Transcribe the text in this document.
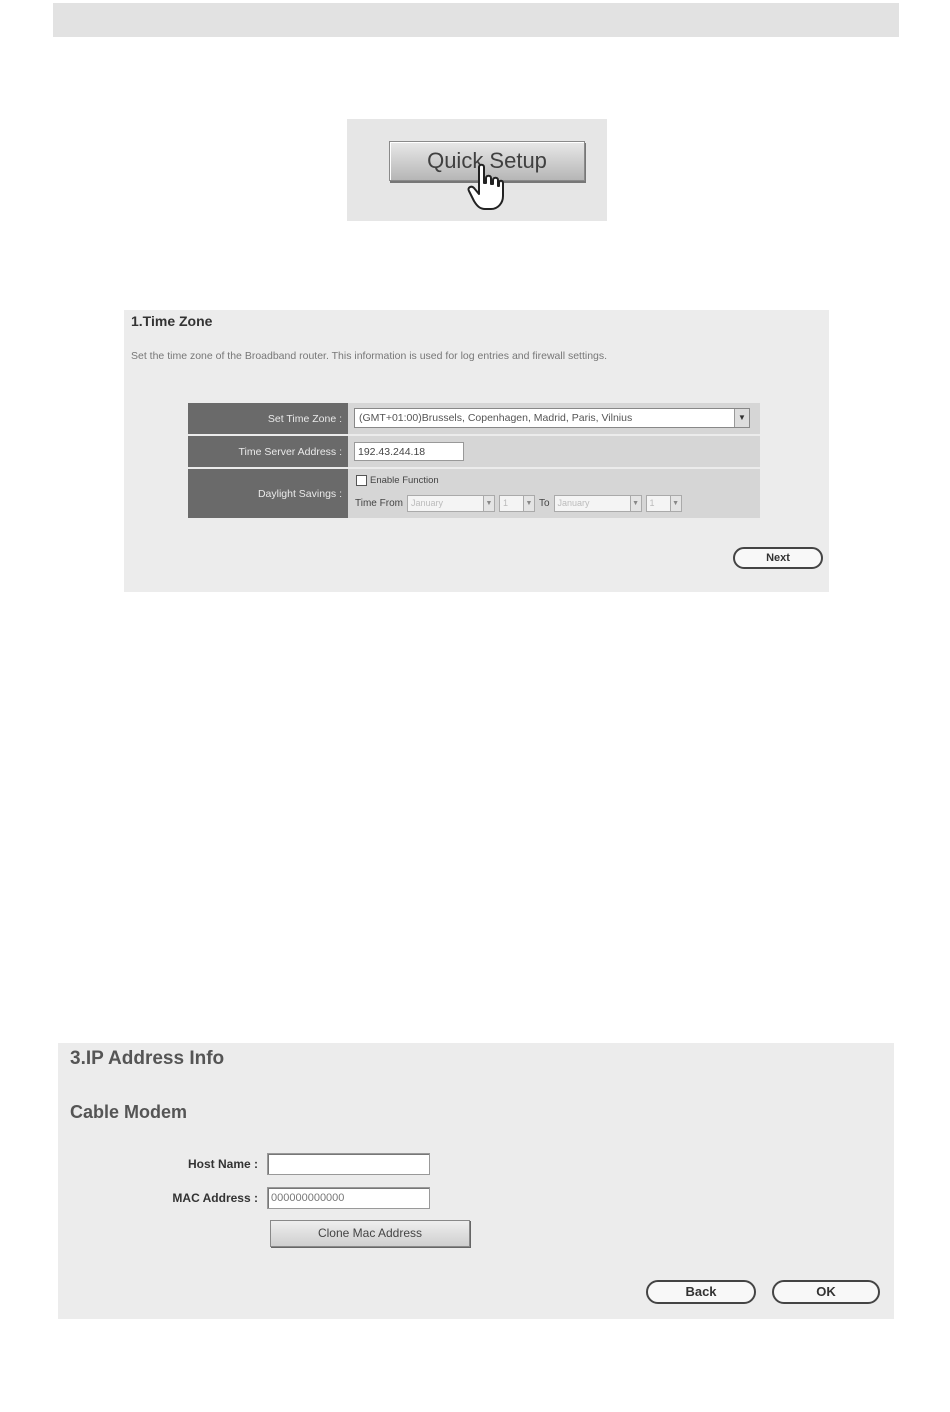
Quick Setup
1.Time Zone
Set the time zone of the Broadband router. This information is used for log entries and firewall settings.
Set Time Zone :	(GMT+01:00)Brussels, Copenhagen, Madrid, Paris, Vilnius	▼
Time Server Address :	192.43.244.18
Daylight Savings :
Enable Function
Time From January	▼	1	▼ To January	▼	1	▼
Next
3.IP Address Info
Cable Modem
Host Name :
MAC Address :	000000000000
Clone Mac Address
Back	OK
